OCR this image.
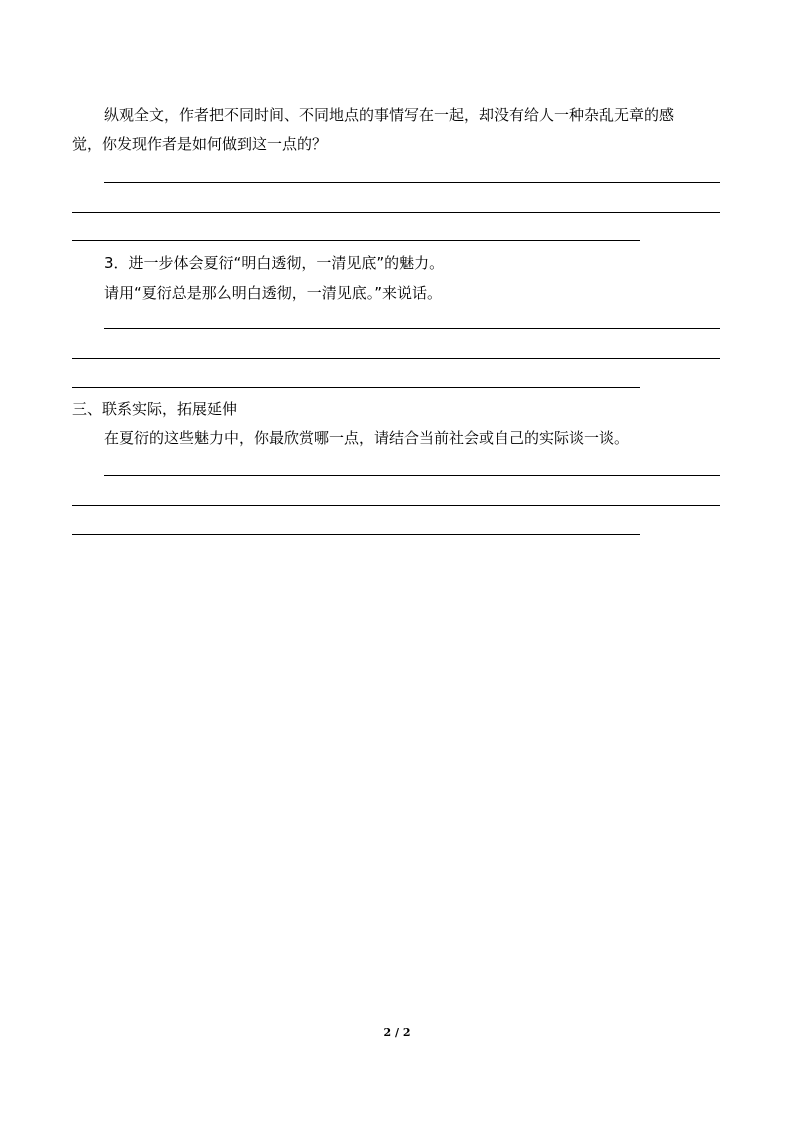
纵观全文，作者把不同时间、不同地点的事情写在一起，却没有给人一种杂乱无章的感

觉，你发现作者是如何做到这一点的？

3．进一步体会夏衍“明白透彻，一清见底”的魅力。

请用“夏衍总是那么明白透彻，一清见底。”来说话。

三、联系实际，拓展延伸

在夏衍的这些魅力中，你最欣赏哪一点，请结合当前社会或自己的实际谈一谈。

2 / 2
